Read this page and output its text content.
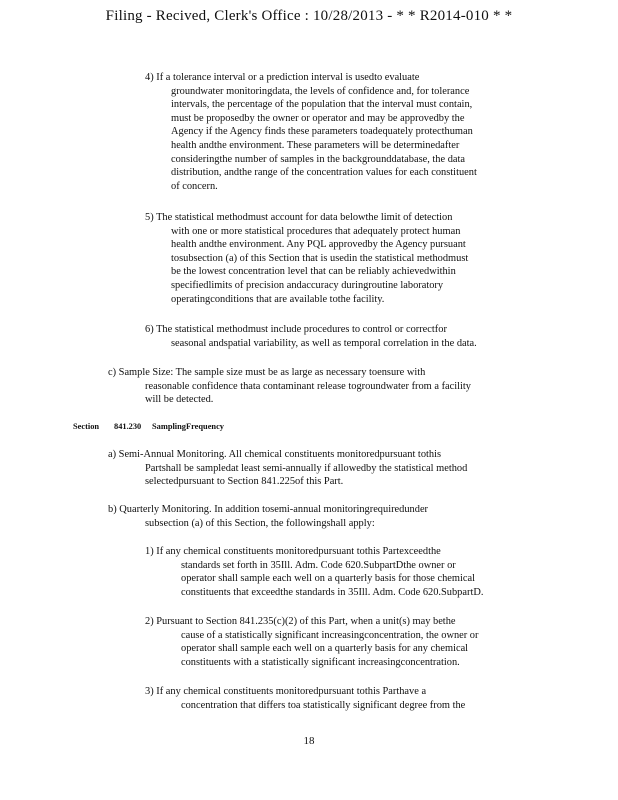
Filing - Recived, Clerk's Office : 10/28/2013 - * * R2014-010 * *
4) If a tolerance interval or a prediction interval is usedto evaluate
groundwater monitoringdata, the levels of confidence and, for tolerance
intervals, the percentage of the population that the interval must contain,
must be proposedby the owner or operator and may be approvedby the
Agency if the Agency finds these parameters toadequately protecthuman
health andthe environment. These parameters will be determinedafter
consideringthe number of samples in the backgrounddatabase, the data
distribution, andthe range of the concentration values for each constituent
of concern.
5) The statistical methodmust account for data belowthe limit of detection
with one or more statistical procedures that adequately protect human
health andthe environment. Any PQL approvedby the Agency pursuant
tosubsection (a) of this Section that is usedin the statistical methodmust
be the lowest concentration level that can be reliably achievedwithin
specifiedlimits of precision andaccuracy duringroutine laboratory
operatingconditions that are available tothe facility.
6) The statistical methodmust include procedures to control or correctfor
seasonal andspatial variability, as well as temporal correlation in the data.
c) Sample Size: The sample size must be as large as necessary toensure with
reasonable confidence thata contaminant release togroundwater from a facility
will be detected.
Section 841.230 SamplingFrequency
a) Semi-Annual Monitoring. All chemical constituents monitoredpursuant tothis
Partshall be sampledat least semi-annually if allowedby the statistical method
selectedpursuant to Section 841.225of this Part.
b) Quarterly Monitoring. In addition tosemi-annual monitoringrequiredunder
subsection (a) of this Section, the followingshall apply:
1) If any chemical constituents monitoredpursuant tothis Partexceedthe
standards set forth in 35Ill. Adm. Code 620.SubpartDthe owner or
operator shall sample each well on a quarterly basis for those chemical
constituents that exceedthe standards in 35Ill. Adm. Code 620.SubpartD.
2) Pursuant to Section 841.235(c)(2) of this Part, when a unit(s) may bethe
cause of a statistically significant increasingconcentration, the owner or
operator shall sample each well on a quarterly basis for any chemical
constituents with a statistically significant increasingconcentration.
3) If any chemical constituents monitoredpursuant tothis Parthave a
concentration that differs toa statistically significant degree from the
18
